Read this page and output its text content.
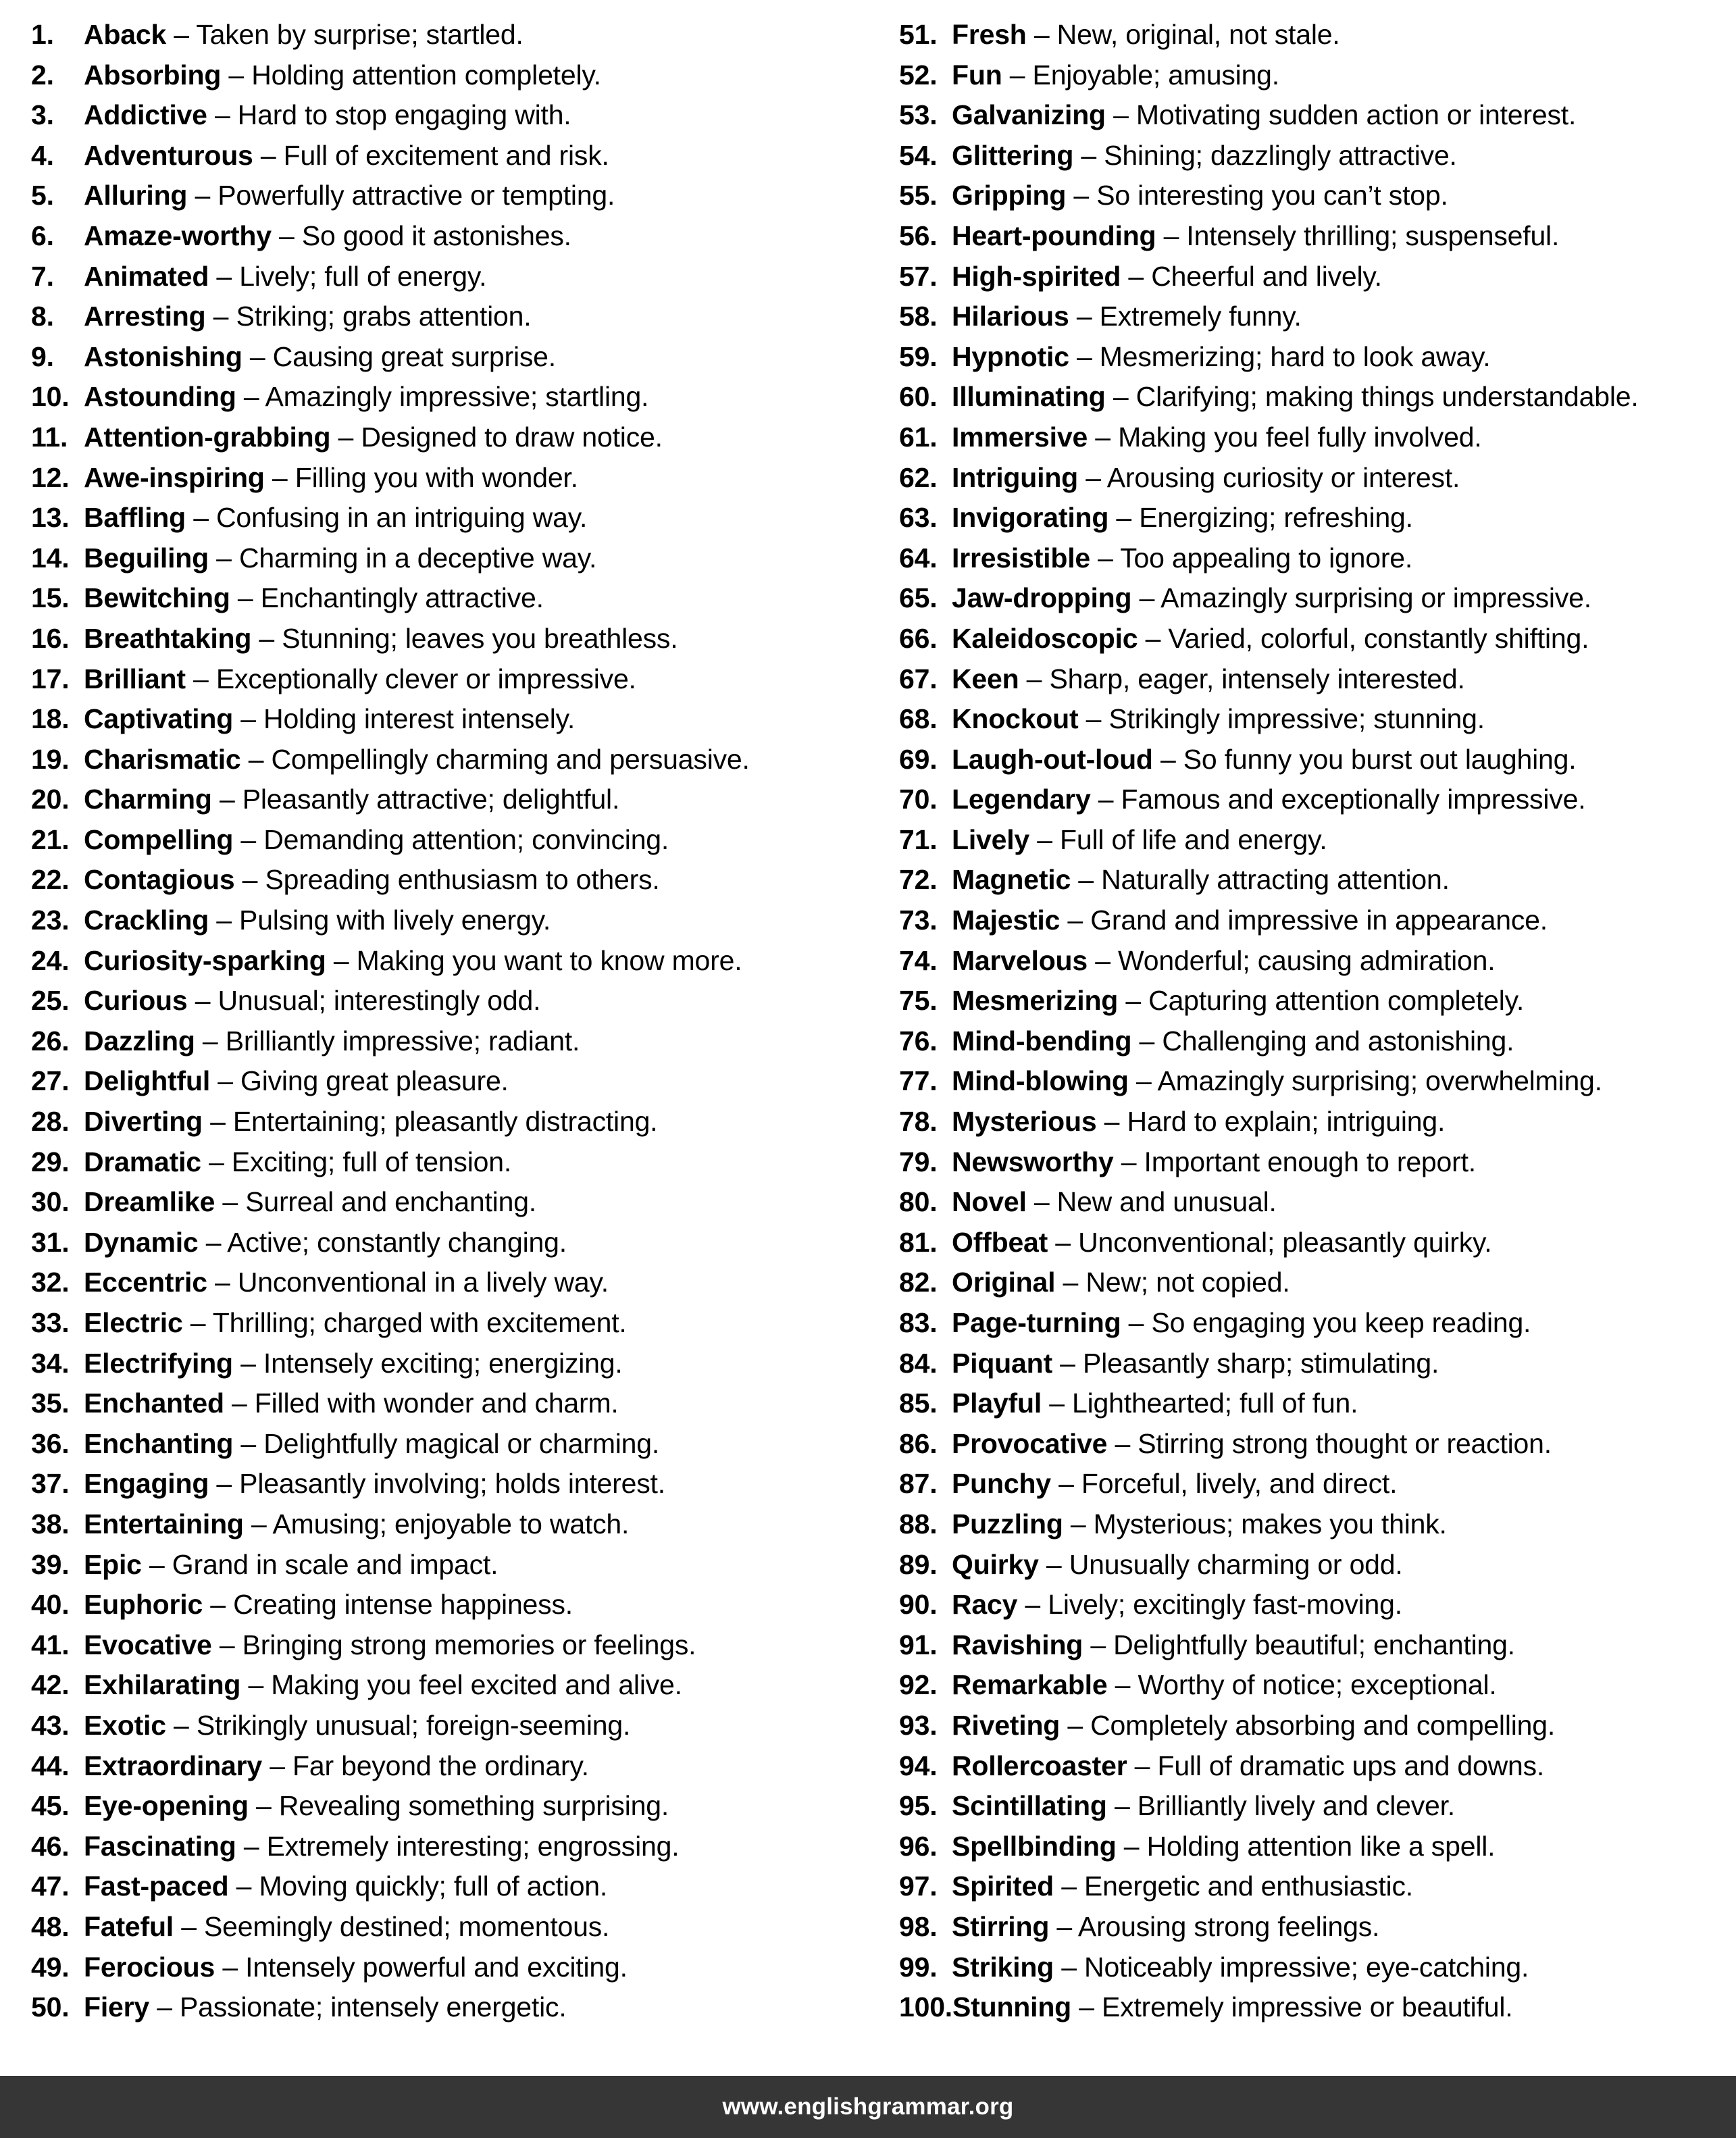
1.	Aback – Taken by surprise; startled.
2.	Absorbing – Holding attention completely.
3.	Addictive – Hard to stop engaging with.
4.	Adventurous – Full of excitement and risk.
5.	Alluring – Powerfully attractive or tempting.
6.	Amaze-worthy – So good it astonishes.
7.	Animated – Lively; full of energy.
8.	Arresting – Striking; grabs attention.
9.	Astonishing – Causing great surprise.
10. Astounding – Amazingly impressive; startling.
11. Attention-grabbing – Designed to draw notice.
12. Awe-inspiring – Filling you with wonder.
13. Baffling – Confusing in an intriguing way.
14. Beguiling – Charming in a deceptive way.
15. Bewitching – Enchantingly attractive.
16. Breathtaking – Stunning; leaves you breathless.
17. Brilliant – Exceptionally clever or impressive.
18. Captivating – Holding interest intensely.
19. Charismatic – Compellingly charming and persuasive.
20. Charming – Pleasantly attractive; delightful.
21. Compelling – Demanding attention; convincing.
22. Contagious – Spreading enthusiasm to others.
23. Crackling – Pulsing with lively energy.
24. Curiosity-sparking – Making you want to know more.
25. Curious – Unusual; interestingly odd.
26. Dazzling – Brilliantly impressive; radiant.
27. Delightful – Giving great pleasure.
28. Diverting – Entertaining; pleasantly distracting.
29. Dramatic – Exciting; full of tension.
30. Dreamlike – Surreal and enchanting.
31. Dynamic – Active; constantly changing.
32. Eccentric – Unconventional in a lively way.
33. Electric – Thrilling; charged with excitement.
34. Electrifying – Intensely exciting; energizing.
35. Enchanted – Filled with wonder and charm.
36. Enchanting – Delightfully magical or charming.
37. Engaging – Pleasantly involving; holds interest.
38. Entertaining – Amusing; enjoyable to watch.
39. Epic – Grand in scale and impact.
40. Euphoric – Creating intense happiness.
41. Evocative – Bringing strong memories or feelings.
42. Exhilarating – Making you feel excited and alive.
43. Exotic – Strikingly unusual; foreign-seeming.
44. Extraordinary – Far beyond the ordinary.
45. Eye-opening – Revealing something surprising.
46. Fascinating – Extremely interesting; engrossing.
47. Fast-paced – Moving quickly; full of action.
48. Fateful – Seemingly destined; momentous.
49. Ferocious – Intensely powerful and exciting.
50. Fiery – Passionate; intensely energetic.
51. Fresh – New, original, not stale.
52. Fun – Enjoyable; amusing.
53. Galvanizing – Motivating sudden action or interest.
54. Glittering – Shining; dazzlingly attractive.
55. Gripping – So interesting you can’t stop.
56. Heart-pounding – Intensely thrilling; suspenseful.
57. High-spirited – Cheerful and lively.
58. Hilarious – Extremely funny.
59. Hypnotic – Mesmerizing; hard to look away.
60. Illuminating – Clarifying; making things understandable.
61. Immersive – Making you feel fully involved.
62. Intriguing – Arousing curiosity or interest.
63. Invigorating – Energizing; refreshing.
64. Irresistible – Too appealing to ignore.
65. Jaw-dropping – Amazingly surprising or impressive.
66. Kaleidoscopic – Varied, colorful, constantly shifting.
67. Keen – Sharp, eager, intensely interested.
68. Knockout – Strikingly impressive; stunning.
69. Laugh-out-loud – So funny you burst out laughing.
70. Legendary – Famous and exceptionally impressive.
71. Lively – Full of life and energy.
72. Magnetic – Naturally attracting attention.
73. Majestic – Grand and impressive in appearance.
74. Marvelous – Wonderful; causing admiration.
75. Mesmerizing – Capturing attention completely.
76. Mind-bending – Challenging and astonishing.
77. Mind-blowing – Amazingly surprising; overwhelming.
78. Mysterious – Hard to explain; intriguing.
79. Newsworthy – Important enough to report.
80. Novel – New and unusual.
81. Offbeat – Unconventional; pleasantly quirky.
82. Original – New; not copied.
83. Page-turning – So engaging you keep reading.
84. Piquant – Pleasantly sharp; stimulating.
85. Playful – Lighthearted; full of fun.
86. Provocative – Stirring strong thought or reaction.
87. Punchy – Forceful, lively, and direct.
88. Puzzling – Mysterious; makes you think.
89. Quirky – Unusually charming or odd.
90. Racy – Lively; excitingly fast-moving.
91. Ravishing – Delightfully beautiful; enchanting.
92. Remarkable – Worthy of notice; exceptional.
93. Riveting – Completely absorbing and compelling.
94. Rollercoaster – Full of dramatic ups and downs.
95. Scintillating – Brilliantly lively and clever.
96. Spellbinding – Holding attention like a spell.
97. Spirited – Energetic and enthusiastic.
98. Stirring – Arousing strong feelings.
99. Striking – Noticeably impressive; eye-catching.
100. Stunning – Extremely impressive or beautiful.
www.englishgrammar.org
